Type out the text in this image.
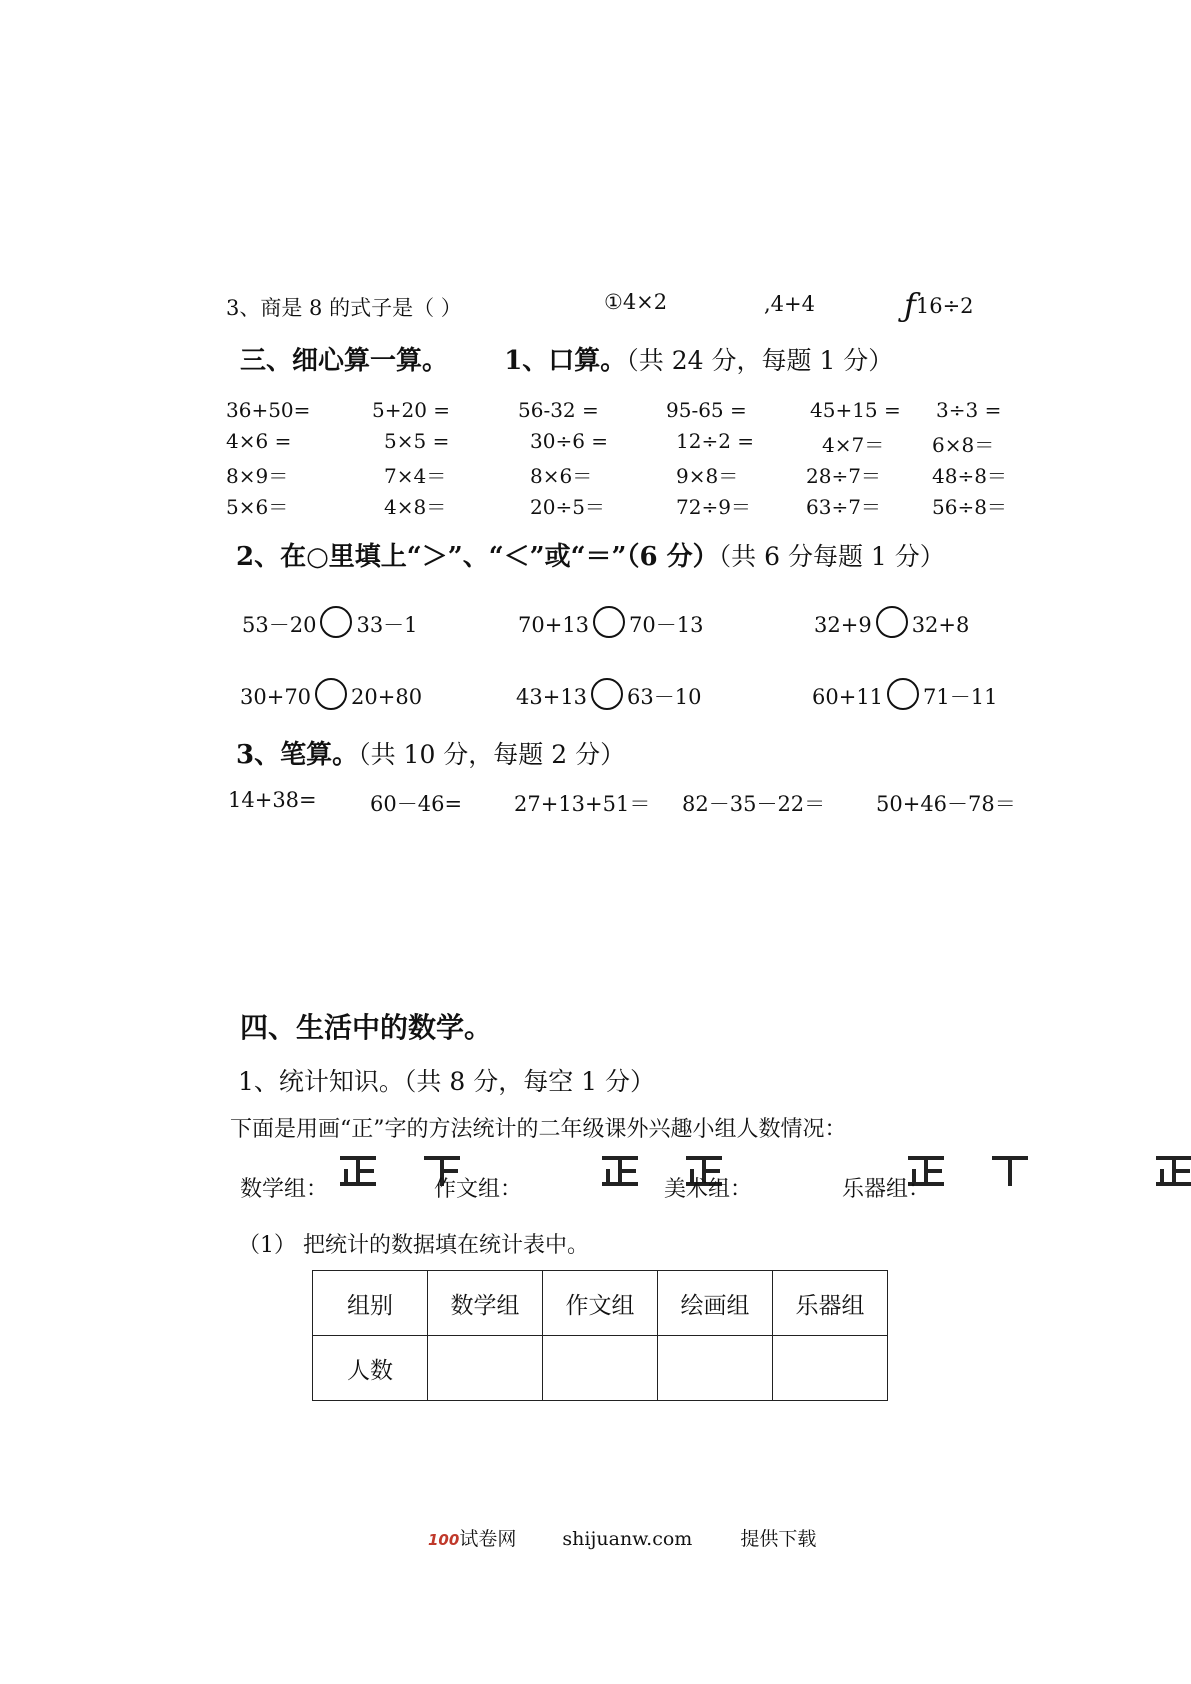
3、商是 8 的式子是（ ）	①4×2	,4+4	ƒ16÷2
三、细心算一算。 1、口算。（共 24 分，每题 1 分）
36+50=	5+20 =	56-32 =	95-65 =	45+15 = 3÷3 =
4×6 =	5×5 =	30÷6 =	12÷2 =	4×7＝ 6×8＝
8×9＝	7×4＝	8×6＝	9×8＝	28÷7＝	48÷8＝
5×6＝	4×8＝	20÷5＝	72÷9＝	63÷7＝	56÷8＝
2、在○里填上“＞”、“＜”或“＝”（6 分）（共 6 分每题 1 分）
53－20 33－1	70+13 70－13	32+9 32+8
30+70 20+80	43+13 63－10	60+11 71－11
3、笔算。（共 10 分，每题 2 分）
14+38=	60－46= 27+13+51＝ 82－35－22＝ 50+46－78＝
四、生活中的数学。
1、统计知识。（共 8 分，每空 1 分）
下面是用画“正”字的方法统计的二年级课外兴趣小组人数情况：
数学组：	作文组：	美术组：	乐器组：
（1） 把统计的数据填在统计表中。
组别	数学组	作文组	绘画组	乐器组
人数				
100试卷网 shijuanw.com	提供下载
